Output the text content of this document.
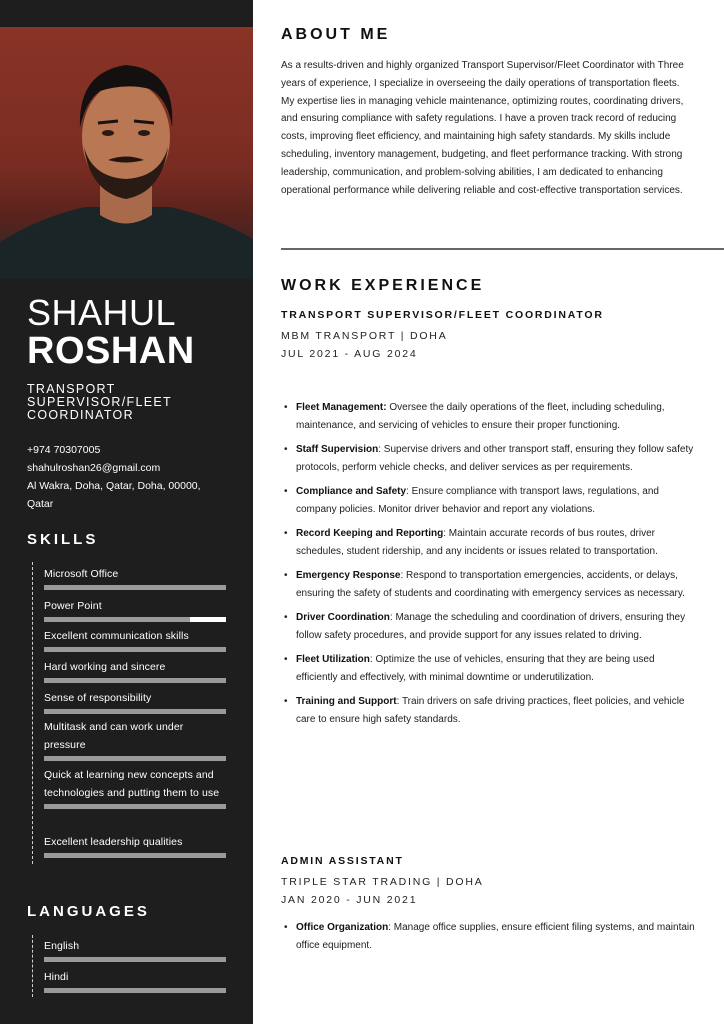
SHAHUL
ROSHAN
TRANSPORT SUPERVISOR/FLEET COORDINATOR
+974 70307005
shahulroshan26@gmail.com
Al Wakra, Doha, Qatar, Doha, 00000, Qatar
SKILLS
Microsoft Office
Power Point
Excellent communication skills
Hard working and sincere
Sense of responsibility
Multitask and can work under pressure
Quick at learning new concepts and technologies and putting them to use
Excellent leadership qualities
LANGUAGES
English
Hindi
ABOUT ME

As a results-driven and highly organized Transport Supervisor/Fleet Coordinator with Three years of experience, I specialize in overseeing the daily operations of transportation fleets. My expertise lies in managing vehicle maintenance, optimizing routes, coordinating drivers, and ensuring compliance with safety regulations. I have a proven track record of reducing costs, improving fleet efficiency, and maintaining high safety standards. My skills include scheduling, inventory management, budgeting, and fleet performance tracking. With strong leadership, communication, and problem-solving abilities, I am dedicated to enhancing operational performance while delivering reliable and cost-effective transportation services.

WORK EXPERIENCE
TRANSPORT SUPERVISOR/FLEET COORDINATOR
MBM TRANSPORT | DOHA
JUL 2021 - AUG 2024
• Fleet Management: Oversee the daily operations of the fleet, including scheduling, maintenance, and servicing of vehicles to ensure their proper functioning.
• Staff Supervision: Supervise drivers and other transport staff, ensuring they follow safety protocols, perform vehicle checks, and deliver services as per requirements.
• Compliance and Safety: Ensure compliance with transport laws, regulations, and company policies. Monitor driver behavior and report any violations.
• Record Keeping and Reporting: Maintain accurate records of bus routes, driver schedules, student ridership, and any incidents or issues related to transportation.
• Emergency Response: Respond to transportation emergencies, accidents, or delays, ensuring the safety of students and coordinating with emergency services as necessary.
• Driver Coordination: Manage the scheduling and coordination of drivers, ensuring they follow safety procedures, and provide support for any issues related to driving.
• Fleet Utilization: Optimize the use of vehicles, ensuring that they are being used efficiently and effectively, with minimal downtime or underutilization.
• Training and Support: Train drivers on safe driving practices, fleet policies, and vehicle care to ensure high safety standards.
ADMIN ASSISTANT
TRIPLE STAR TRADING | DOHA
JAN 2020 - JUN 2021
• Office Organization: Manage office supplies, ensure efficient filing systems, and maintain office equipment.
